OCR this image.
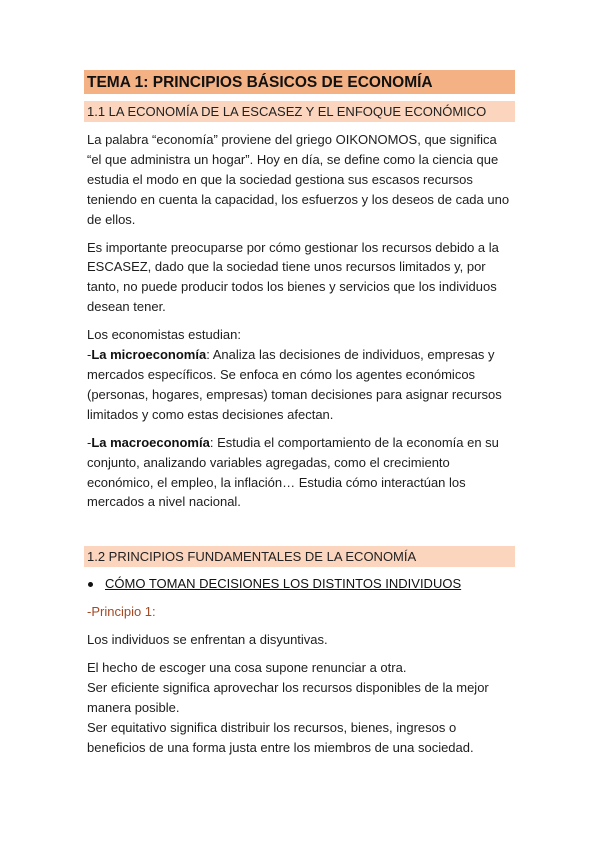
TEMA 1: PRINCIPIOS BÁSICOS DE ECONOMÍA
1.1 LA ECONOMÍA DE LA ESCASEZ Y EL ENFOQUE ECONÓMICO

La palabra “economía” proviene del griego OIKONOMOS, que significa “el que administra un hogar”. Hoy en día, se define como la ciencia que estudia el modo en que la sociedad gestiona sus escasos recursos teniendo en cuenta la capacidad, los esfuerzos y los deseos de cada uno de ellos.

Es importante preocuparse por cómo gestionar los recursos debido a la ESCASEZ, dado que la sociedad tiene unos recursos limitados y, por tanto, no puede producir todos los bienes y servicios que los individuos desean tener.

Los economistas estudian:
-La microeconomía: Analiza las decisiones de individuos, empresas y mercados específicos. Se enfoca en cómo los agentes económicos (personas, hogares, empresas) toman decisiones para asignar recursos limitados y como estas decisiones afectan.

-La macroeconomía: Estudia el comportamiento de la economía en su conjunto, analizando variables agregadas, como el crecimiento económico, el empleo, la inflación… Estudia cómo interactúan los mercados a nivel nacional.

1.2 PRINCIPIOS FUNDAMENTALES DE LA ECONOMÍA
CÓMO TOMAN DECISIONES LOS DISTINTOS INDIVIDUOS

-Principio 1:

Los individuos se enfrentan a disyuntivas.

El hecho de escoger una cosa supone renunciar a otra.
Ser eficiente significa aprovechar los recursos disponibles de la mejor manera posible.
Ser equitativo significa distribuir los recursos, bienes, ingresos o beneficios de una forma justa entre los miembros de una sociedad.
